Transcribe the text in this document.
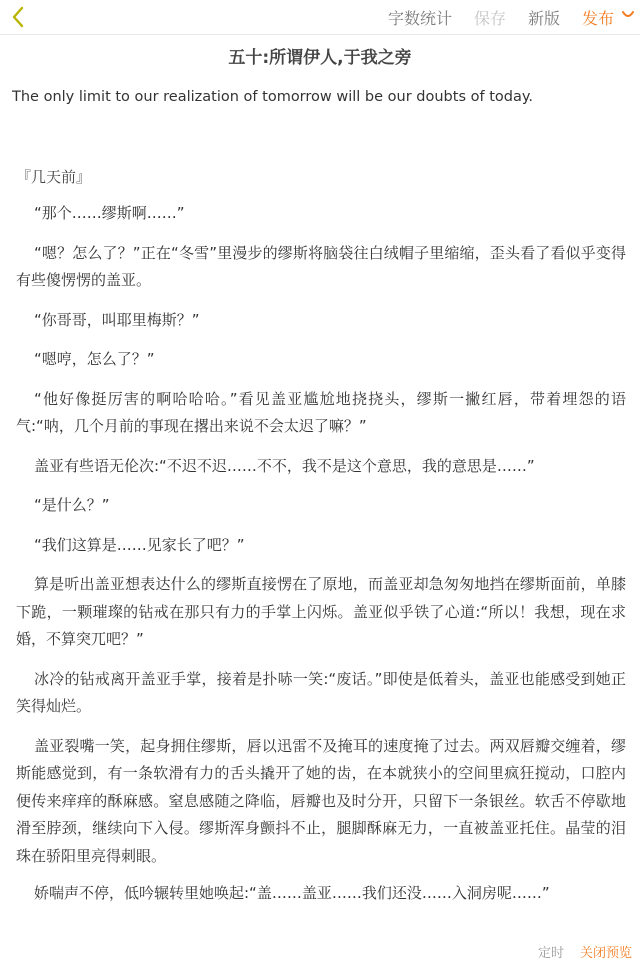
字数统计 保存 新版 发布
五十:所谓伊人,于我之旁
The only limit to our realization of tomorrow will be our doubts of today.
『几天前』
“那个……缪斯啊……”
“嗯？怎么了？”正在“冬雪”里漫步的缪斯将脑袋往白绒帽子里缩缩，歪头看了看似乎变得有些傻愣愣的盖亚。
“你哥哥，叫耶里梅斯？”
“嗯哼，怎么了？”
“他好像挺厉害的啊哈哈哈。”看见盖亚尴尬地挠挠头，缪斯一撇红唇，带着埋怨的语气:“呐，几个月前的事现在撂出来说不会太迟了嘛？”
盖亚有些语无伦次:“不迟不迟……不不，我不是这个意思，我的意思是……”
“是什么？”
“我们这算是……见家长了吧？”
算是听出盖亚想表达什么的缪斯直接愣在了原地，而盖亚却急匆匆地挡在缪斯面前，单膝下跪，一颗璀璨的钻戒在那只有力的手掌上闪烁。盖亚似乎铁了心道:“所以！我想，现在求婚，不算突兀吧？”
冰冷的钻戒离开盖亚手掌，接着是扑哧一笑:“废话。”即使是低着头，盖亚也能感受到她正笑得灿烂。
盖亚裂嘴一笑，起身拥住缪斯，唇以迅雷不及掩耳的速度掩了过去。两双唇瓣交缠着，缪斯能感觉到，有一条软滑有力的舌头撬开了她的齿，在本就狭小的空间里疯狂搅动，口腔内便传来痒痒的酥麻感。窒息感随之降临，唇瓣也及时分开，只留下一条银丝。软舌不停歇地滑至脖颈，继续向下入侵。缪斯浑身颤抖不止，腿脚酥麻无力，一直被盖亚托住。晶莹的泪珠在骄阳里亮得刺眼。
娇喘声不停，低吟辗转里她唤起:“盖……盖亚……我们还没……入洞房呢……”
定时 关闭预览
